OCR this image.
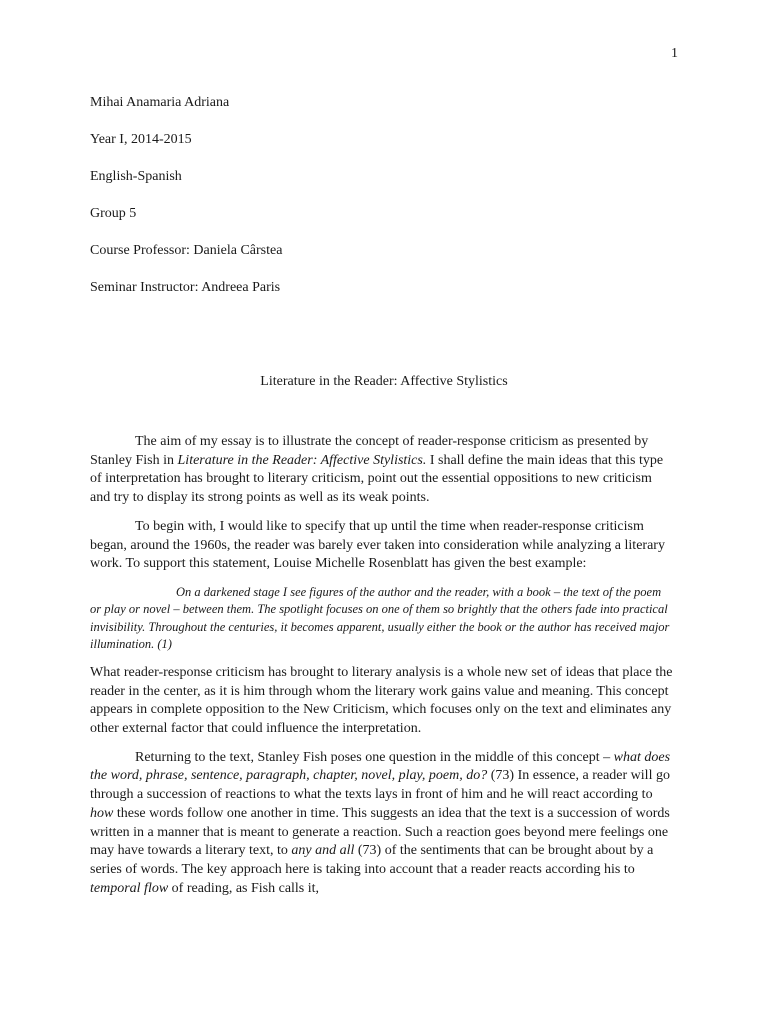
1

Mihai Anamaria Adriana

Year I, 2014-2015

English-Spanish

Group 5

Course Professor: Daniela Cârstea

Seminar Instructor: Andreea Paris

Literature in the Reader: Affective Stylistics

The aim of my essay is to illustrate the concept of reader-response criticism as presented by Stanley Fish in Literature in the Reader: Affective Stylistics. I shall define the main ideas that this type of interpretation has brought to literary criticism, point out the essential oppositions to new criticism and try to display its strong points as well as its weak points.

To begin with, I would like to specify that up until the time when reader-response criticism began, around the 1960s, the reader was barely ever taken into consideration while analyzing a literary work. To support this statement, Louise Michelle Rosenblatt has given the best example:

On a darkened stage I see figures of the author and the reader, with a book – the text of the poem or play or novel – between them. The spotlight focuses on one of them so brightly that the others fade into practical invisibility. Throughout the centuries, it becomes apparent, usually either the book or the author has received major illumination. (1)

What reader-response criticism has brought to literary analysis is a whole new set of ideas that place the reader in the center, as it is him through whom the literary work gains value and meaning. This concept appears in complete opposition to the New Criticism, which focuses only on the text and eliminates any other external factor that could influence the interpretation.

Returning to the text, Stanley Fish poses one question in the middle of this concept – what does the word, phrase, sentence, paragraph, chapter, novel, play, poem, do? (73) In essence, a reader will go through a succession of reactions to what the texts lays in front of him and he will react according to how these words follow one another in time. This suggests an idea that the text is a succession of words written in a manner that is meant to generate a reaction. Such a reaction goes beyond mere feelings one may have towards a literary text, to any and all (73) of the sentiments that can be brought about by a series of words. The key approach here is taking into account that a reader reacts according his to temporal flow of reading, as Fish calls it,
